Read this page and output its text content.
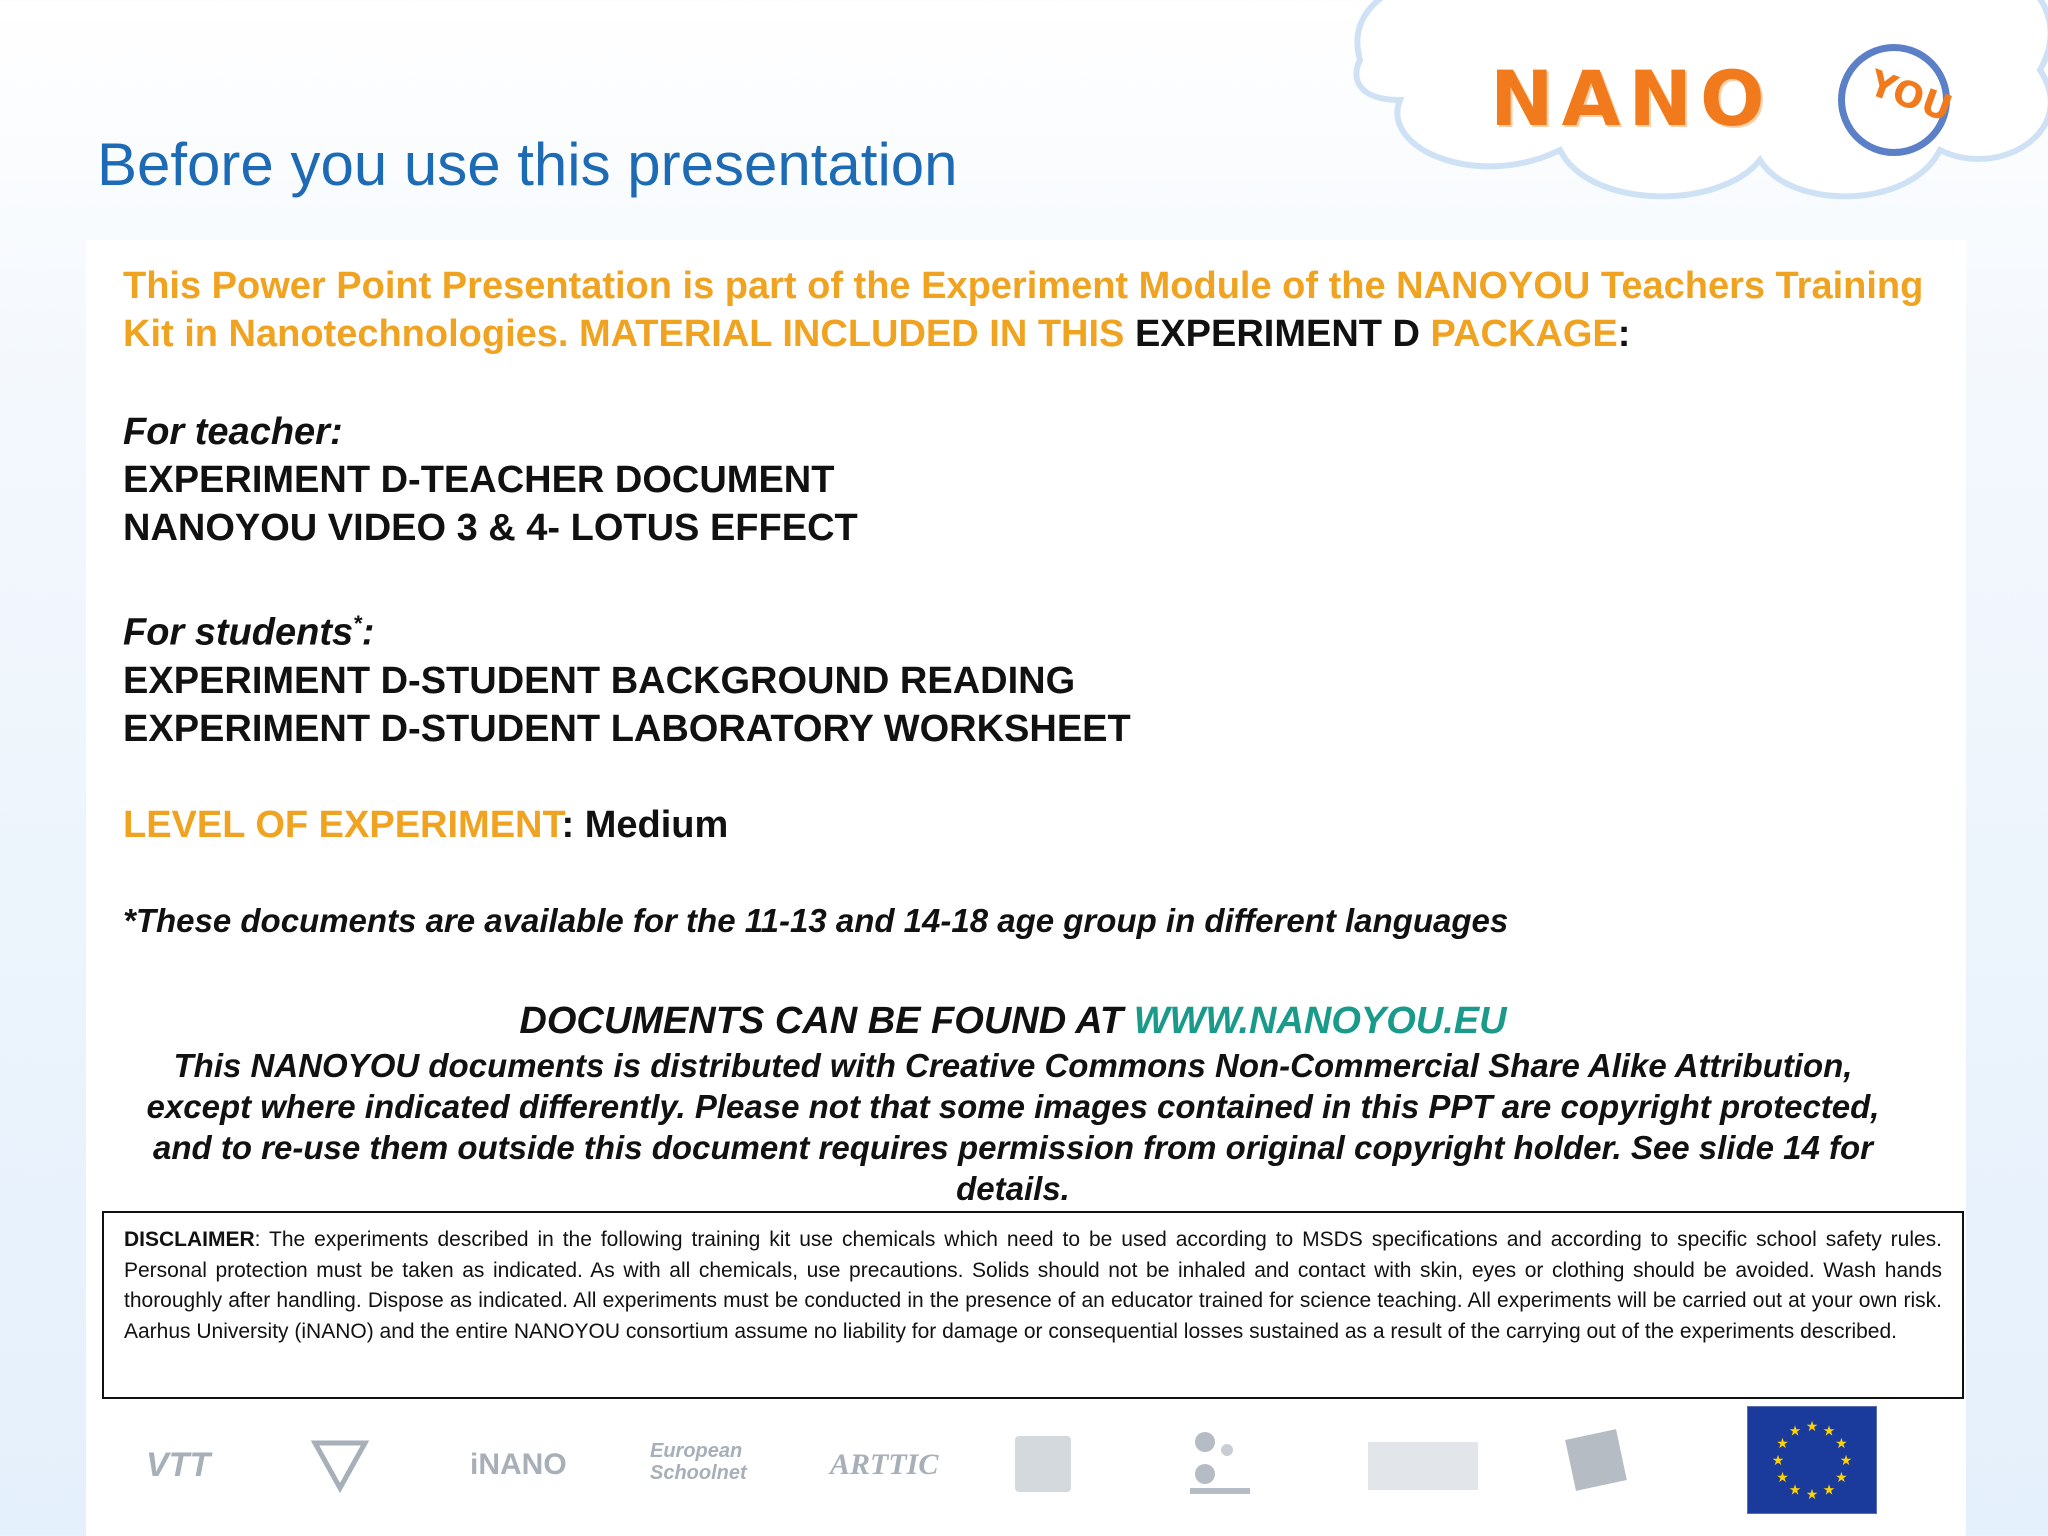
NANO	YOU
Before you use this presentation

This Power Point Presentation is part of the Experiment Module of the NANOYOU Teachers Training Kit in Nanotechnologies. MATERIAL INCLUDED IN THIS EXPERIMENT D PACKAGE:

For teacher:

EXPERIMENT D-TEACHER DOCUMENT

NANOYOU VIDEO 3 & 4- LOTUS EFFECT

For students*:

EXPERIMENT D-STUDENT BACKGROUND READING

EXPERIMENT D-STUDENT LABORATORY WORKSHEET

LEVEL OF EXPERIMENT: Medium

*These documents are available for the 11-13 and 14-18 age group in different languages

DOCUMENTS CAN BE FOUND AT WWW.NANOYOU.EU
This NANOYOU documents is distributed with Creative Commons Non-Commercial Share Alike Attribution, except where indicated differently. Please not that some images contained in this PPT are copyright protected, and to re-use them outside this document requires permission from original copyright holder. See slide 14 for details.
DISCLAIMER: The experiments described in the following training kit use chemicals which need to be used according to MSDS specifications and according to specific school safety rules. Personal protection must be taken as indicated. As with all chemicals, use precautions. Solids should not be inhaled and contact with skin, eyes or clothing should be avoided. Wash hands thoroughly after handling. Dispose as indicated. All experiments must be conducted in the presence of an educator trained for science teaching. All experiments will be carried out at your own risk. Aarhus University (iNANO) and the entire NANOYOU consortium assume no liability for damage or consequential losses sustained as a result of the carrying out of the experiments described.
VTT	iNANO	European Schoolnet	ARTTIC
★ ★
★
★
★
★
★
★
★
★
★
★
